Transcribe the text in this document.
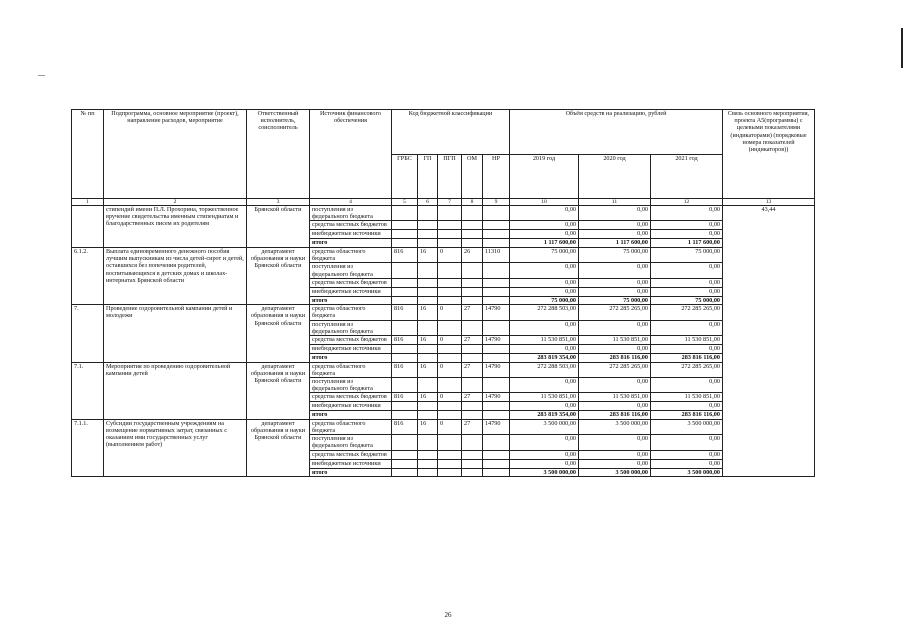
№ пп	Подпрограмма, основное мероприятие (проект), направление расходов, мероприятие	Ответственный исполнитель, соисполнитель	Источник финансового обеспечения	Код бюджетной классификации					Объём средств на реализацию, рублей			Связь основного мероприятия, проекта А5(программы) с целевыми показателями (индикаторами) (порядковые номера показателей (индикаторов))
				ГРБС	ГП	ПГП	ОМ	НР	2019 год	2020 год	2021 год	
1	2	3	4	5	6	7	8	9	10	11	12	13
	стипендий имени П.Л. Прохорина, торжественное вручение свидетельства именным стипендиатам и благодарственных писем их родителям	Брянской области	поступления из федерального бюджета						0,00	0,00	0,00	43,44
			средства местных бюджетов						0,00	0,00	0,00	
			внебюджетные источники						0,00	0,00	0,00	
			итого						1 117 600,00	1 117 600,00	1 117 600,00	
6.1.2.	Выплата единовременного денежного пособия лучшим выпускникам из числа детей-сирот и детей, оставшихся без попечения родителей, воспитывающихся в детских домах и школах-интернатах Брянской области	департамент образования и науки Брянской области	средства областного бюджета	816	16	0	26	11310	75 000,00	75 000,00	75 000,00	
			поступления из федерального бюджета						0,00	0,00	0,00	
			средства местных бюджетов						0,00	0,00	0,00	
			внебюджетные источники						0,00	0,00	0,00	
			итого						75 000,00	75 000,00	75 000,00	
7.	Проведение оздоровительной кампании детей и молодежи	департамент образования и науки Брянской области	средства областного бюджета	816	16	0	27	14790	272 288 503,00	272 285 265,00	272 285 265,00	
			поступления из федерального бюджета						0,00	0,00	0,00	
			средства местных бюджетов	816	16	0	27	14790	11 530 851,00	11 530 851,00	11 530 851,00	
			внебюджетные источники						0,00	0,00	0,00	
			итого						283 819 354,00	283 816 116,00	283 816 116,00	
7.1.	Мероприятия по проведению оздоровительной кампании детей	департамент образования и науки Брянской области	средства областного бюджета	816	16	0	27	14790	272 288 503,00	272 285 265,00	272 285 265,00	
			поступления из федерального бюджета						0,00	0,00	0,00	
			средства местных бюджетов	816	16	0	27	14790	11 530 851,00	11 530 851,00	11 530 851,00	
			внебюджетные источники						0,00	0,00	0,00	
			итого						283 819 354,00	283 816 116,00	283 816 116,00	
7.1.1.	Субсидии государственным учреждениям на возмещение нормативных затрат, связанных с оказанием ими государственных услуг (выполнением работ)	департамент образования и науки Брянской области	средства областного бюджета	816	16	0	27	14790	3 500 000,00	3 500 000,00	3 500 000,00	
			поступления из федерального бюджета						0,00	0,00	0,00	
			средства местных бюджетов						0,00	0,00	0,00	
			внебюджетные источники						0,00	0,00	0,00	
			итого						3 500 000,00	3 500 000,00	3 500 000,00	
26
